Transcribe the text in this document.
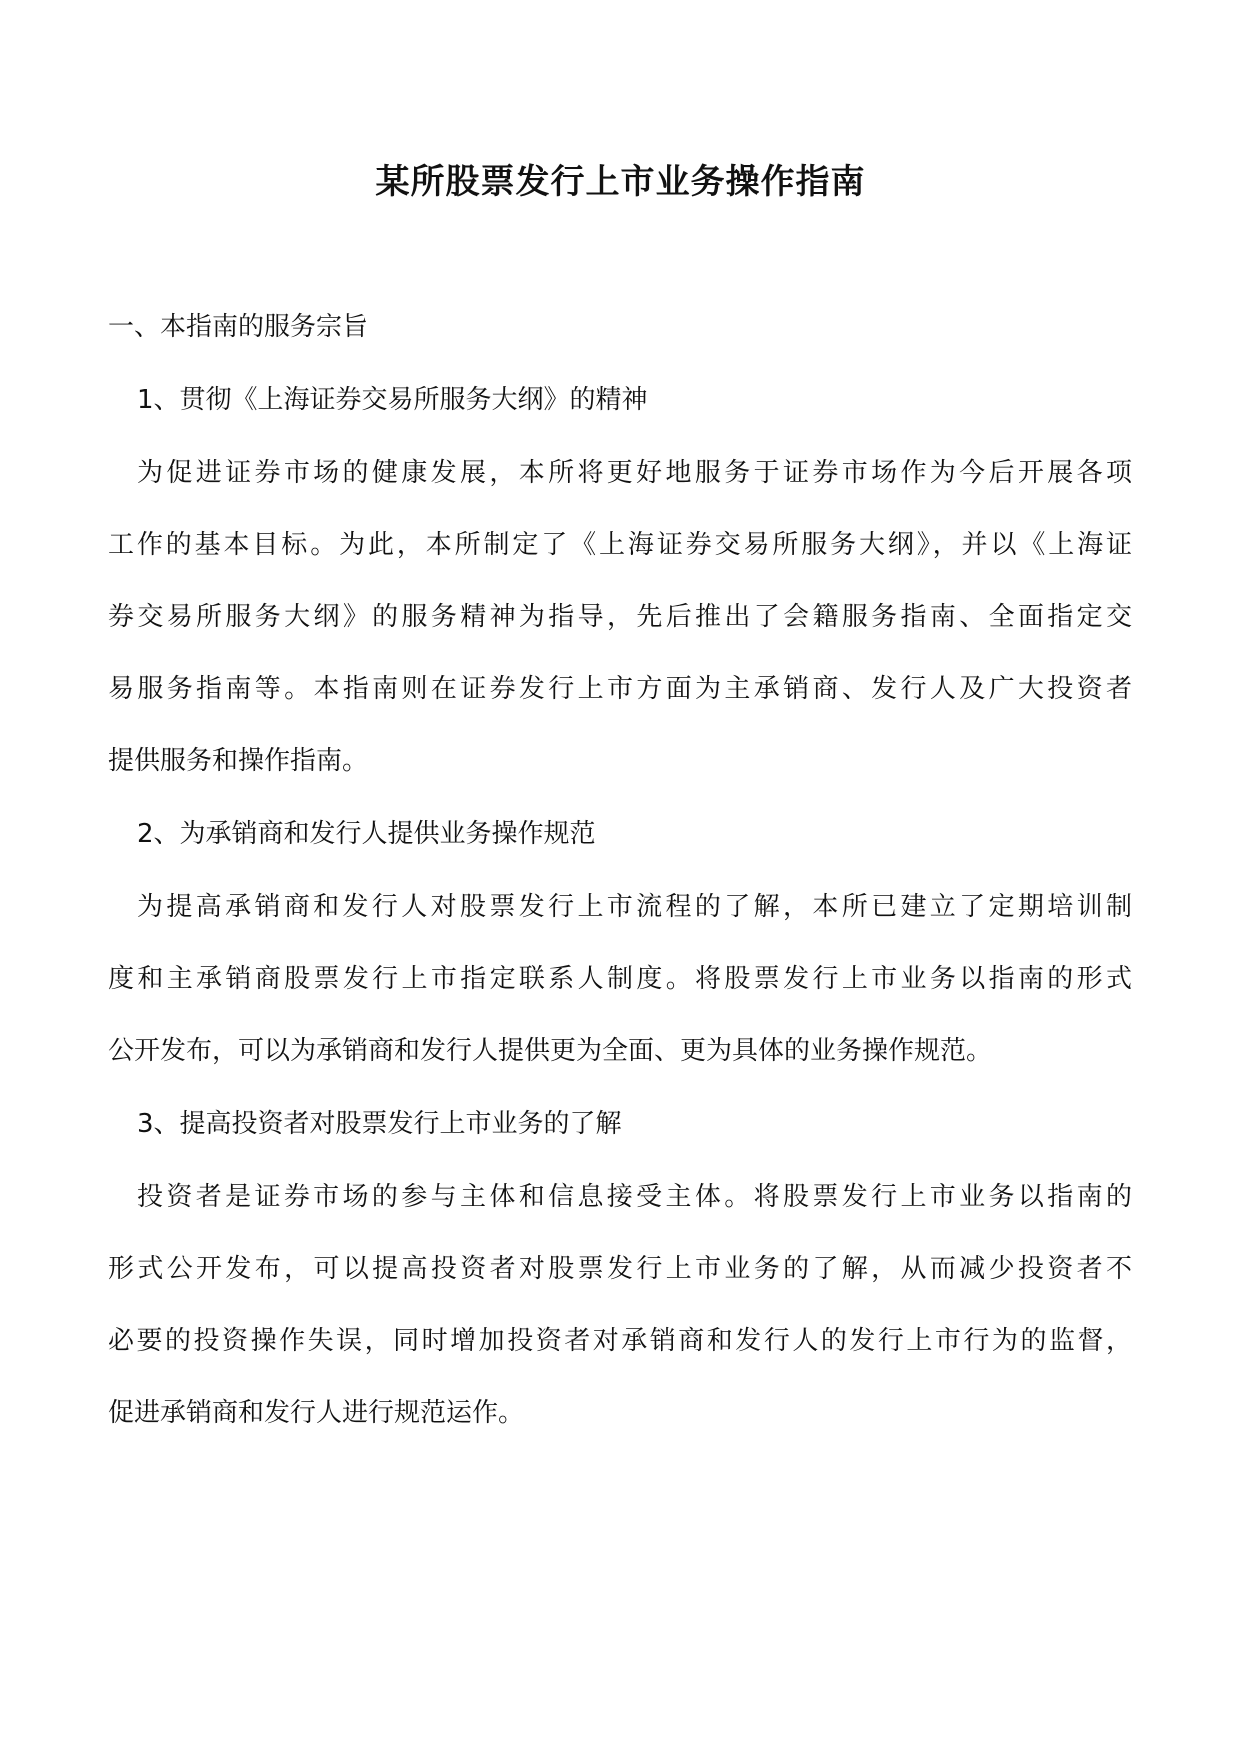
某所股票发行上市业务操作指南

一、本指南的服务宗旨

1、贯彻《上海证券交易所服务大纲》的精神

为促进证券市场的健康发展，本所将更好地服务于证券市场作为今后开展各项

工作的基本目标。为此，本所制定了《上海证券交易所服务大纲》，并以《上海证

券交易所服务大纲》的服务精神为指导，先后推出了会籍服务指南、全面指定交

易服务指南等。本指南则在证券发行上市方面为主承销商、发行人及广大投资者

提供服务和操作指南。

2、为承销商和发行人提供业务操作规范

为提高承销商和发行人对股票发行上市流程的了解，本所已建立了定期培训制

度和主承销商股票发行上市指定联系人制度。将股票发行上市业务以指南的形式

公开发布，可以为承销商和发行人提供更为全面、更为具体的业务操作规范。

3、提高投资者对股票发行上市业务的了解

投资者是证券市场的参与主体和信息接受主体。将股票发行上市业务以指南的

形式公开发布，可以提高投资者对股票发行上市业务的了解，从而减少投资者不

必要的投资操作失误，同时增加投资者对承销商和发行人的发行上市行为的监督，

促进承销商和发行人进行规范运作。
